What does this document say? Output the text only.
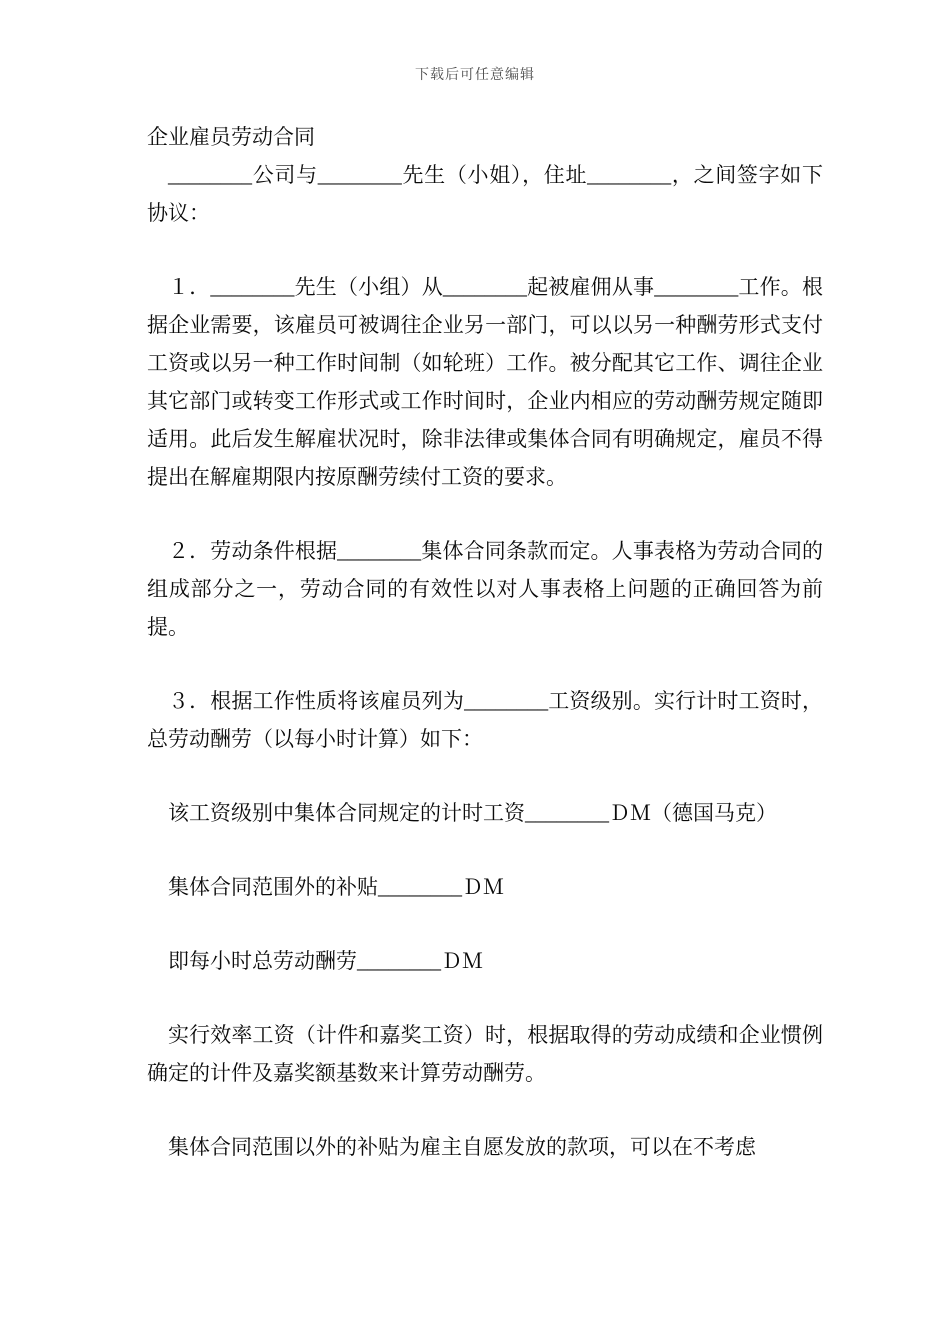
下载后可任意编辑

企业雇员劳动合同

________公司与________先生（小姐），住址________，之间签字如下协议：

１．________先生（小组）从________起被雇佣从事________工作。根据企业需要，该雇员可被调往企业另一部门，可以以另一种酬劳形式支付工资或以另一种工作时间制（如轮班）工作。被分配其它工作、调往企业其它部门或转变工作形式或工作时间时，企业内相应的劳动酬劳规定随即适用。此后发生解雇状况时，除非法律或集体合同有明确规定，雇员不得提出在解雇期限内按原酬劳续付工资的要求。

２．劳动条件根据________集体合同条款而定。人事表格为劳动合同的组成部分之一，劳动合同的有效性以对人事表格上问题的正确回答为前提。

３．根据工作性质将该雇员列为________工资级别。实行计时工资时，总劳动酬劳（以每小时计算）如下：

该工资级别中集体合同规定的计时工资________ＤＭ（德国马克）

集体合同范围外的补贴________ＤＭ

即每小时总劳动酬劳________ＤＭ

实行效率工资（计件和嘉奖工资）时，根据取得的劳动成绩和企业惯例确定的计件及嘉奖额基数来计算劳动酬劳。

集体合同范围以外的补贴为雇主自愿发放的款项，可以在不考虑
